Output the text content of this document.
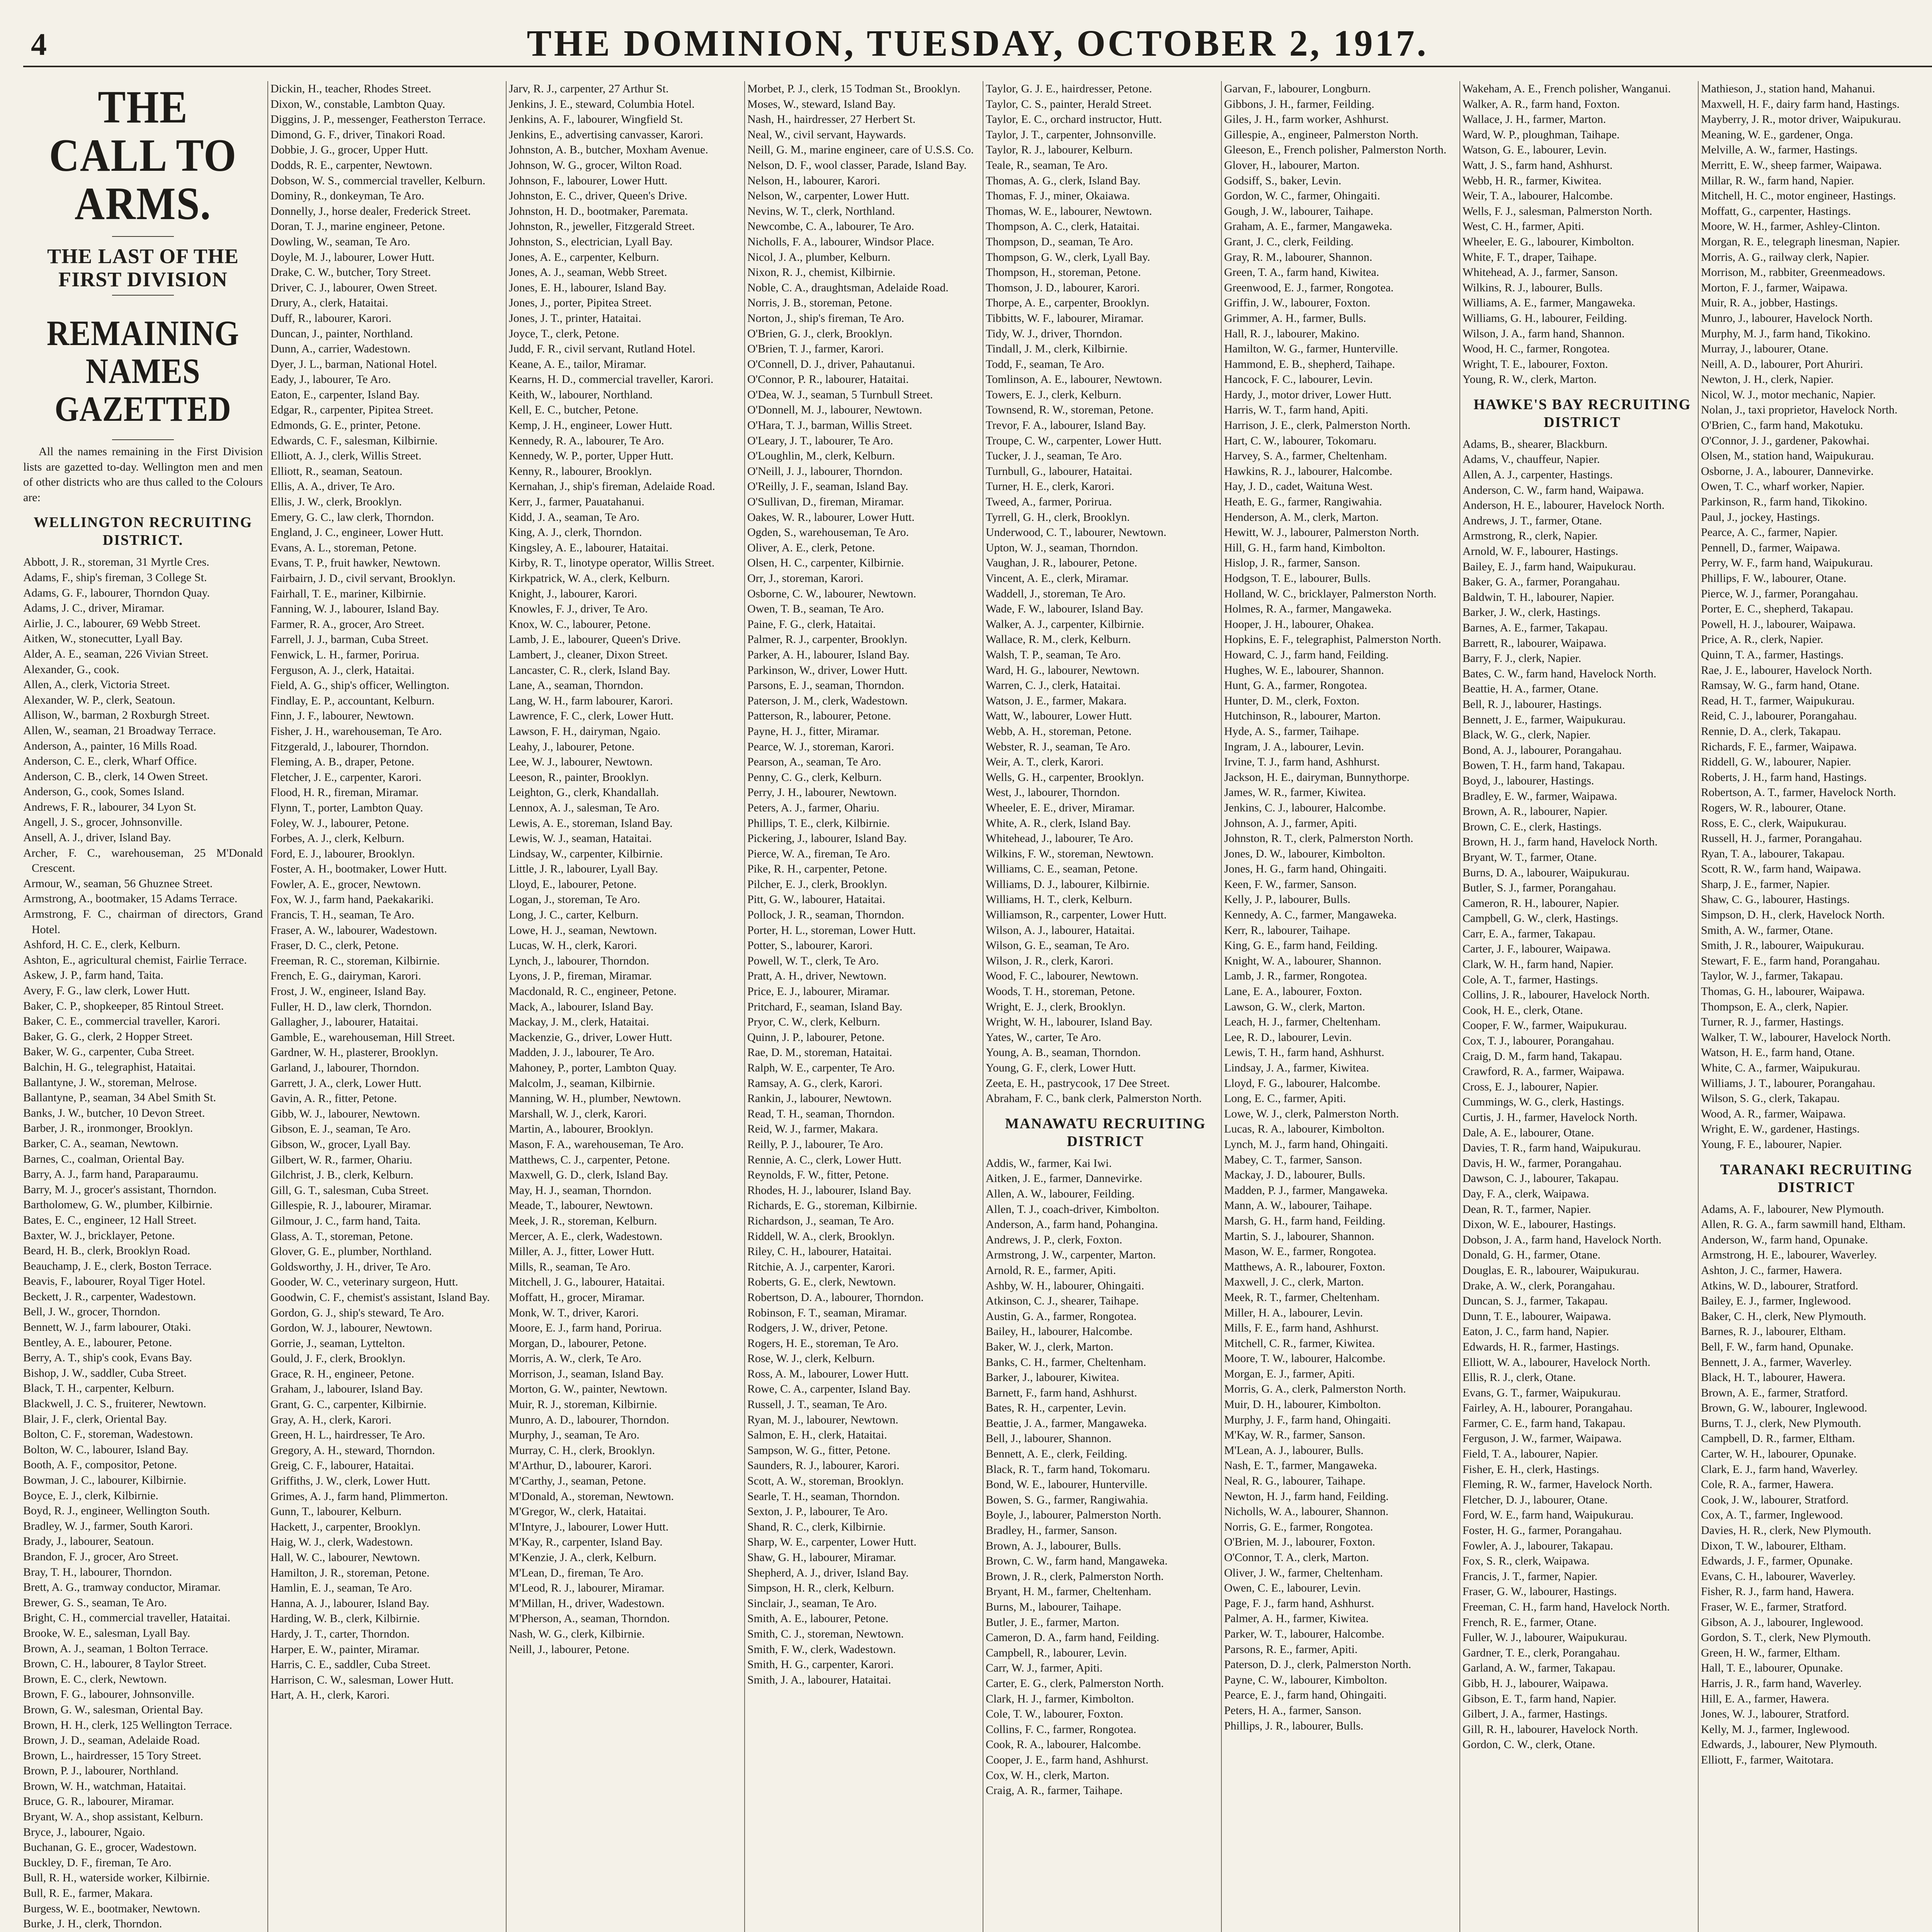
4	THE DOMINION, TUESDAY, OCTOBER 2, 1917.
THE CALL TO ARMS.
THE LAST OF THE FIRST DIVISION
REMAINING NAMES GAZETTED

All the names remaining in the First Division lists are gazetted to-day. Wellington men and men of other districts who are thus called to the Colours are:

WELLINGTON RECRUITING DISTRICT.
Abbott, J. R., storeman, 31 Myrtle Cres.
Adams, F., ship's fireman, 3 College St.
Adams, G. F., labourer, Thorndon Quay.
Adams, J. C., driver, Miramar.
Airlie, J. C., labourer, 69 Webb Street.
Aitken, W., stonecutter, Lyall Bay.
Alder, A. E., seaman, 226 Vivian Street.
Alexander, G., cook.
Allen, A., clerk, Victoria Street.
Alexander, W. P., clerk, Seatoun.
Allison, W., barman, 2 Roxburgh Street.
Allen, W., seaman, 21 Broadway Terrace.
Anderson, A., painter, 16 Mills Road.
Anderson, C. E., clerk, Wharf Office.
Anderson, C. B., clerk, 14 Owen Street.
Anderson, G., cook, Somes Island.
Andrews, F. R., labourer, 34 Lyon St.
Angell, J. S., grocer, Johnsonville.
Ansell, A. J., driver, Island Bay.
Archer, F. C., warehouseman, 25 M'Donald Crescent.
Armour, W., seaman, 56 Ghuznee Street.
Armstrong, A., bootmaker, 15 Adams Terrace.
Armstrong, F. C., chairman of directors, Grand Hotel.
Ashford, H. C. E., clerk, Kelburn.
Ashton, E., agricultural chemist, Fairlie Terrace.
Askew, J. P., farm hand, Taita.
Avery, F. G., law clerk, Lower Hutt.
Baker, C. P., shopkeeper, 85 Rintoul Street.
Baker, C. E., commercial traveller, Karori.
Baker, G. G., clerk, 2 Hopper Street.
Baker, W. G., carpenter, Cuba Street.
Balchin, H. G., telegraphist, Hataitai.
Ballantyne, J. W., storeman, Melrose.
Ballantyne, P., seaman, 34 Abel Smith St.
Banks, J. W., butcher, 10 Devon Street.
Barber, J. R., ironmonger, Brooklyn.
Barker, C. A., seaman, Newtown.
Barnes, C., coalman, Oriental Bay.
Barry, A. J., farm hand, Paraparaumu.
Barry, M. J., grocer's assistant, Thorndon.
Bartholomew, G. W., plumber, Kilbirnie.
Bates, E. C., engineer, 12 Hall Street.
Baxter, W. J., bricklayer, Petone.
Beard, H. B., clerk, Brooklyn Road.
Beauchamp, J. E., clerk, Boston Terrace.
Beavis, F., labourer, Royal Tiger Hotel.
Beckett, J. R., carpenter, Wadestown.
Bell, J. W., grocer, Thorndon.
Bennett, W. J., farm labourer, Otaki.
Bentley, A. E., labourer, Petone.
Berry, A. T., ship's cook, Evans Bay.
Bishop, J. W., saddler, Cuba Street.
Black, T. H., carpenter, Kelburn.
Blackwell, J. C. S., fruiterer, Newtown.
Blair, J. F., clerk, Oriental Bay.
Bolton, C. F., storeman, Wadestown.
Bolton, W. C., labourer, Island Bay.
Booth, A. F., compositor, Petone.
Bowman, J. C., labourer, Kilbirnie.
Boyce, E. J., clerk, Kilbirnie.
Boyd, R. J., engineer, Wellington South.
Bradley, W. J., farmer, South Karori.
Brady, J., labourer, Seatoun.
Brandon, F. J., grocer, Aro Street.
Bray, T. H., labourer, Thorndon.
Brett, A. G., tramway conductor, Miramar.
Brewer, G. S., seaman, Te Aro.
Bright, C. H., commercial traveller, Hataitai.
Brooke, W. E., salesman, Lyall Bay.
Brown, A. J., seaman, 1 Bolton Terrace.
Brown, C. H., labourer, 8 Taylor Street.
Brown, E. C., clerk, Newtown.
Brown, F. G., labourer, Johnsonville.
Brown, G. W., salesman, Oriental Bay.
Brown, H. H., clerk, 125 Wellington Terrace.
Brown, J. D., seaman, Adelaide Road.
Brown, L., hairdresser, 15 Tory Street.
Brown, P. J., labourer, Northland.
Brown, W. H., watchman, Hataitai.
Bruce, G. R., labourer, Miramar.
Bryant, W. A., shop assistant, Kelburn.
Bryce, J., labourer, Ngaio.
Buchanan, G. E., grocer, Wadestown.
Buckley, D. F., fireman, Te Aro.
Bull, R. H., waterside worker, Kilbirnie.
Bull, R. E., farmer, Makara.
Burgess, W. E., bootmaker, Newtown.
Burke, J. H., clerk, Thorndon.
Dickin, H., teacher, Rhodes Street.
Dixon, W., constable, Lambton Quay.
Diggins, J. P., messenger, Featherston Terrace.
Dimond, G. F., driver, Tinakori Road.
Dobbie, J. G., grocer, Upper Hutt.
Dodds, R. E., carpenter, Newtown.
Dobson, W. S., commercial traveller, Kelburn.
Dominy, R., donkeyman, Te Aro.
Donnelly, J., horse dealer, Frederick Street.
Doran, T. J., marine engineer, Petone.
Dowling, W., seaman, Te Aro.
Doyle, M. J., labourer, Lower Hutt.
Drake, C. W., butcher, Tory Street.
Driver, C. J., labourer, Owen Street.
Drury, A., clerk, Hataitai.
Duff, R., labourer, Karori.
Duncan, J., painter, Northland.
Dunn, A., carrier, Wadestown.
Dyer, J. L., barman, National Hotel.
Eady, J., labourer, Te Aro.
Eaton, E., carpenter, Island Bay.
Edgar, R., carpenter, Pipitea Street.
Edmonds, G. E., printer, Petone.
Edwards, C. F., salesman, Kilbirnie.
Elliott, A. J., clerk, Willis Street.
Elliott, R., seaman, Seatoun.
Ellis, A. A., driver, Te Aro.
Ellis, J. W., clerk, Brooklyn.
Emery, G. C., law clerk, Thorndon.
England, J. C., engineer, Lower Hutt.
Evans, A. L., storeman, Petone.
Evans, T. P., fruit hawker, Newtown.
Fairbairn, J. D., civil servant, Brooklyn.
Fairhall, T. E., mariner, Kilbirnie.
Fanning, W. J., labourer, Island Bay.
Farmer, R. A., grocer, Aro Street.
Farrell, J. J., barman, Cuba Street.
Fenwick, L. H., farmer, Porirua.
Ferguson, A. J., clerk, Hataitai.
Field, A. G., ship's officer, Wellington.
Findlay, E. P., accountant, Kelburn.
Finn, J. F., labourer, Newtown.
Fisher, J. H., warehouseman, Te Aro.
Fitzgerald, J., labourer, Thorndon.
Fleming, A. B., draper, Petone.
Fletcher, J. E., carpenter, Karori.
Flood, H. R., fireman, Miramar.
Flynn, T., porter, Lambton Quay.
Foley, W. J., labourer, Petone.
Forbes, A. J., clerk, Kelburn.
Ford, E. J., labourer, Brooklyn.
Foster, A. H., bootmaker, Lower Hutt.
Fowler, A. E., grocer, Newtown.
Fox, W. J., farm hand, Paekakariki.
Francis, T. H., seaman, Te Aro.
Fraser, A. W., labourer, Wadestown.
Fraser, D. C., clerk, Petone.
Freeman, R. C., storeman, Kilbirnie.
French, E. G., dairyman, Karori.
Frost, J. W., engineer, Island Bay.
Fuller, H. D., law clerk, Thorndon.
Gallagher, J., labourer, Hataitai.
Gamble, E., warehouseman, Hill Street.
Gardner, W. H., plasterer, Brooklyn.
Garland, J., labourer, Thorndon.
Garrett, J. A., clerk, Lower Hutt.
Gavin, A. R., fitter, Petone.
Gibb, W. J., labourer, Newtown.
Gibson, E. J., seaman, Te Aro.
Gibson, W., grocer, Lyall Bay.
Gilbert, W. R., farmer, Ohariu.
Gilchrist, J. B., clerk, Kelburn.
Gill, G. T., salesman, Cuba Street.
Gillespie, R. J., labourer, Miramar.
Gilmour, J. C., farm hand, Taita.
Glass, A. T., storeman, Petone.
Glover, G. E., plumber, Northland.
Goldsworthy, J. H., driver, Te Aro.
Gooder, W. C., veterinary surgeon, Hutt.
Goodwin, C. F., chemist's assistant, Island Bay.
Gordon, G. J., ship's steward, Te Aro.
Gordon, W. J., labourer, Newtown.
Gorrie, J., seaman, Lyttelton.
Gould, J. F., clerk, Brooklyn.
Grace, R. H., engineer, Petone.
Graham, J., labourer, Island Bay.
Grant, G. C., carpenter, Kilbirnie.
Gray, A. H., clerk, Karori.
Green, H. L., hairdresser, Te Aro.
Gregory, A. H., steward, Thorndon.
Greig, C. F., labourer, Hataitai.
Griffiths, J. W., clerk, Lower Hutt.
Grimes, A. J., farm hand, Plimmerton.
Gunn, T., labourer, Kelburn.
Hackett, J., carpenter, Brooklyn.
Haig, W. J., clerk, Wadestown.
Hall, W. C., labourer, Newtown.
Hamilton, J. R., storeman, Petone.
Hamlin, E. J., seaman, Te Aro.
Hanna, A. J., labourer, Island Bay.
Harding, W. B., clerk, Kilbirnie.
Hardy, J. T., carter, Thorndon.
Harper, E. W., painter, Miramar.
Harris, C. E., saddler, Cuba Street.
Harrison, C. W., salesman, Lower Hutt.
Hart, A. H., clerk, Karori.
Jarv, R. J., carpenter, 27 Arthur St.
Jenkins, J. E., steward, Columbia Hotel.
Jenkins, A. F., labourer, Wingfield St.
Jenkins, E., advertising canvasser, Karori.
Johnston, A. B., butcher, Moxham Avenue.
Johnson, W. G., grocer, Wilton Road.
Johnson, F., labourer, Lower Hutt.
Johnston, E. C., driver, Queen's Drive.
Johnston, H. D., bootmaker, Paremata.
Johnston, R., jeweller, Fitzgerald Street.
Johnston, S., electrician, Lyall Bay.
Jones, A. E., carpenter, Kelburn.
Jones, A. J., seaman, Webb Street.
Jones, E. H., labourer, Island Bay.
Jones, J., porter, Pipitea Street.
Jones, J. T., printer, Hataitai.
Joyce, T., clerk, Petone.
Judd, F. R., civil servant, Rutland Hotel.
Keane, A. E., tailor, Miramar.
Kearns, H. D., commercial traveller, Karori.
Keith, W., labourer, Northland.
Kell, E. C., butcher, Petone.
Kemp, J. H., engineer, Lower Hutt.
Kennedy, R. A., labourer, Te Aro.
Kennedy, W. P., porter, Upper Hutt.
Kenny, R., labourer, Brooklyn.
Kernahan, J., ship's fireman, Adelaide Road.
Kerr, J., farmer, Pauatahanui.
Kidd, J. A., seaman, Te Aro.
King, A. J., clerk, Thorndon.
Kingsley, A. E., labourer, Hataitai.
Kirby, R. T., linotype operator, Willis Street.
Kirkpatrick, W. A., clerk, Kelburn.
Knight, J., labourer, Karori.
Knowles, F. J., driver, Te Aro.
Knox, W. C., labourer, Petone.
Lamb, J. E., labourer, Queen's Drive.
Lambert, J., cleaner, Dixon Street.
Lancaster, C. R., clerk, Island Bay.
Lane, A., seaman, Thorndon.
Lang, W. H., farm labourer, Karori.
Lawrence, F. C., clerk, Lower Hutt.
Lawson, F. H., dairyman, Ngaio.
Leahy, J., labourer, Petone.
Lee, W. J., labourer, Newtown.
Leeson, R., painter, Brooklyn.
Leighton, G., clerk, Khandallah.
Lennox, A. J., salesman, Te Aro.
Lewis, A. E., storeman, Island Bay.
Lewis, W. J., seaman, Hataitai.
Lindsay, W., carpenter, Kilbirnie.
Little, J. R., labourer, Lyall Bay.
Lloyd, E., labourer, Petone.
Logan, J., storeman, Te Aro.
Long, J. C., carter, Kelburn.
Lowe, H. J., seaman, Newtown.
Lucas, W. H., clerk, Karori.
Lynch, J., labourer, Thorndon.
Lyons, J. P., fireman, Miramar.
Macdonald, R. C., engineer, Petone.
Mack, A., labourer, Island Bay.
Mackay, J. M., clerk, Hataitai.
Mackenzie, G., driver, Lower Hutt.
Madden, J. J., labourer, Te Aro.
Mahoney, P., porter, Lambton Quay.
Malcolm, J., seaman, Kilbirnie.
Manning, W. H., plumber, Newtown.
Marshall, W. J., clerk, Karori.
Martin, A., labourer, Brooklyn.
Mason, F. A., warehouseman, Te Aro.
Matthews, C. J., carpenter, Petone.
Maxwell, G. D., clerk, Island Bay.
May, H. J., seaman, Thorndon.
Meade, T., labourer, Newtown.
Meek, J. R., storeman, Kelburn.
Mercer, A. E., clerk, Wadestown.
Miller, A. J., fitter, Lower Hutt.
Mills, R., seaman, Te Aro.
Mitchell, J. G., labourer, Hataitai.
Moffatt, H., grocer, Miramar.
Monk, W. T., driver, Karori.
Moore, E. J., farm hand, Porirua.
Morgan, D., labourer, Petone.
Morris, A. W., clerk, Te Aro.
Morrison, J., seaman, Island Bay.
Morton, G. W., painter, Newtown.
Muir, R. J., storeman, Kilbirnie.
Munro, A. D., labourer, Thorndon.
Murphy, J., seaman, Te Aro.
Murray, C. H., clerk, Brooklyn.
M'Arthur, D., labourer, Karori.
M'Carthy, J., seaman, Petone.
M'Donald, A., storeman, Newtown.
M'Gregor, W., clerk, Hataitai.
M'Intyre, J., labourer, Lower Hutt.
M'Kay, R., carpenter, Island Bay.
M'Kenzie, J. A., clerk, Kelburn.
M'Lean, D., fireman, Te Aro.
M'Leod, R. J., labourer, Miramar.
M'Millan, H., driver, Wadestown.
M'Pherson, A., seaman, Thorndon.
Nash, W. G., clerk, Kilbirnie.
Neill, J., labourer, Petone.
Morbet, P. J., clerk, 15 Todman St., Brooklyn.
Moses, W., steward, Island Bay.
Nash, H., hairdresser, 27 Herbert St.
Neal, W., civil servant, Haywards.
Neill, G. M., marine engineer, care of U.S.S. Co.
Nelson, D. F., wool classer, Parade, Island Bay.
Nelson, H., labourer, Karori.
Nelson, W., carpenter, Lower Hutt.
Nevins, W. T., clerk, Northland.
Newcombe, C. A., labourer, Te Aro.
Nicholls, F. A., labourer, Windsor Place.
Nicol, J. A., plumber, Kelburn.
Nixon, R. J., chemist, Kilbirnie.
Noble, C. A., draughtsman, Adelaide Road.
Norris, J. B., storeman, Petone.
Norton, J., ship's fireman, Te Aro.
O'Brien, G. J., clerk, Brooklyn.
O'Brien, T. J., farmer, Karori.
O'Connell, D. J., driver, Pahautanui.
O'Connor, P. R., labourer, Hataitai.
O'Dea, W. J., seaman, 5 Turnbull Street.
O'Donnell, M. J., labourer, Newtown.
O'Hara, T. J., barman, Willis Street.
O'Leary, J. T., labourer, Te Aro.
O'Loughlin, M., clerk, Kelburn.
O'Neill, J. J., labourer, Thorndon.
O'Reilly, J. F., seaman, Island Bay.
O'Sullivan, D., fireman, Miramar.
Oakes, W. R., labourer, Lower Hutt.
Ogden, S., warehouseman, Te Aro.
Oliver, A. E., clerk, Petone.
Olsen, H. C., carpenter, Kilbirnie.
Orr, J., storeman, Karori.
Osborne, C. W., labourer, Newtown.
Owen, T. B., seaman, Te Aro.
Paine, F. G., clerk, Hataitai.
Palmer, R. J., carpenter, Brooklyn.
Parker, A. H., labourer, Island Bay.
Parkinson, W., driver, Lower Hutt.
Parsons, E. J., seaman, Thorndon.
Paterson, J. M., clerk, Wadestown.
Patterson, R., labourer, Petone.
Payne, H. J., fitter, Miramar.
Pearce, W. J., storeman, Karori.
Pearson, A., seaman, Te Aro.
Penny, C. G., clerk, Kelburn.
Perry, J. H., labourer, Newtown.
Peters, A. J., farmer, Ohariu.
Phillips, T. E., clerk, Kilbirnie.
Pickering, J., labourer, Island Bay.
Pierce, W. A., fireman, Te Aro.
Pike, R. H., carpenter, Petone.
Pilcher, E. J., clerk, Brooklyn.
Pitt, G. W., labourer, Hataitai.
Pollock, J. R., seaman, Thorndon.
Porter, H. L., storeman, Lower Hutt.
Potter, S., labourer, Karori.
Powell, W. T., clerk, Te Aro.
Pratt, A. H., driver, Newtown.
Price, E. J., labourer, Miramar.
Pritchard, F., seaman, Island Bay.
Pryor, C. W., clerk, Kelburn.
Quinn, J. P., labourer, Petone.
Rae, D. M., storeman, Hataitai.
Ralph, W. E., carpenter, Te Aro.
Ramsay, A. G., clerk, Karori.
Rankin, J., labourer, Newtown.
Read, T. H., seaman, Thorndon.
Reid, W. J., farmer, Makara.
Reilly, P. J., labourer, Te Aro.
Rennie, A. C., clerk, Lower Hutt.
Reynolds, F. W., fitter, Petone.
Rhodes, H. J., labourer, Island Bay.
Richards, E. G., storeman, Kilbirnie.
Richardson, J., seaman, Te Aro.
Riddell, W. A., clerk, Brooklyn.
Riley, C. H., labourer, Hataitai.
Ritchie, A. J., carpenter, Karori.
Roberts, G. E., clerk, Newtown.
Robertson, D. A., labourer, Thorndon.
Robinson, F. T., seaman, Miramar.
Rodgers, J. W., driver, Petone.
Rogers, H. E., storeman, Te Aro.
Rose, W. J., clerk, Kelburn.
Ross, A. M., labourer, Lower Hutt.
Rowe, C. A., carpenter, Island Bay.
Russell, J. T., seaman, Te Aro.
Ryan, M. J., labourer, Newtown.
Salmon, E. H., clerk, Hataitai.
Sampson, W. G., fitter, Petone.
Saunders, R. J., labourer, Karori.
Scott, A. W., storeman, Brooklyn.
Searle, T. H., seaman, Thorndon.
Sexton, J. P., labourer, Te Aro.
Shand, R. C., clerk, Kilbirnie.
Sharp, W. E., carpenter, Lower Hutt.
Shaw, G. H., labourer, Miramar.
Shepherd, A. J., driver, Island Bay.
Simpson, H. R., clerk, Kelburn.
Sinclair, J., seaman, Te Aro.
Smith, A. E., labourer, Petone.
Smith, C. J., storeman, Newtown.
Smith, F. W., clerk, Wadestown.
Smith, H. G., carpenter, Karori.
Smith, J. A., labourer, Hataitai.
Taylor, G. J. E., hairdresser, Petone.
Taylor, C. S., painter, Herald Street.
Taylor, E. C., orchard instructor, Hutt.
Taylor, J. T., carpenter, Johnsonville.
Taylor, R. J., labourer, Kelburn.
Teale, R., seaman, Te Aro.
Thomas, A. G., clerk, Island Bay.
Thomas, F. J., miner, Okaiawa.
Thomas, W. E., labourer, Newtown.
Thompson, A. C., clerk, Hataitai.
Thompson, D., seaman, Te Aro.
Thompson, G. W., clerk, Lyall Bay.
Thompson, H., storeman, Petone.
Thomson, J. D., labourer, Karori.
Thorpe, A. E., carpenter, Brooklyn.
Tibbitts, W. F., labourer, Miramar.
Tidy, W. J., driver, Thorndon.
Tindall, J. M., clerk, Kilbirnie.
Todd, F., seaman, Te Aro.
Tomlinson, A. E., labourer, Newtown.
Towers, E. J., clerk, Kelburn.
Townsend, R. W., storeman, Petone.
Trevor, F. A., labourer, Island Bay.
Troupe, C. W., carpenter, Lower Hutt.
Tucker, J. J., seaman, Te Aro.
Turnbull, G., labourer, Hataitai.
Turner, H. E., clerk, Karori.
Tweed, A., farmer, Porirua.
Tyrrell, G. H., clerk, Brooklyn.
Underwood, C. T., labourer, Newtown.
Upton, W. J., seaman, Thorndon.
Vaughan, J. R., labourer, Petone.
Vincent, A. E., clerk, Miramar.
Waddell, J., storeman, Te Aro.
Wade, F. W., labourer, Island Bay.
Walker, A. J., carpenter, Kilbirnie.
Wallace, R. M., clerk, Kelburn.
Walsh, T. P., seaman, Te Aro.
Ward, H. G., labourer, Newtown.
Warren, C. J., clerk, Hataitai.
Watson, J. E., farmer, Makara.
Watt, W., labourer, Lower Hutt.
Webb, A. H., storeman, Petone.
Webster, R. J., seaman, Te Aro.
Weir, A. T., clerk, Karori.
Wells, G. H., carpenter, Brooklyn.
West, J., labourer, Thorndon.
Wheeler, E. E., driver, Miramar.
White, A. R., clerk, Island Bay.
Whitehead, J., labourer, Te Aro.
Wilkins, F. W., storeman, Newtown.
Williams, C. E., seaman, Petone.
Williams, D. J., labourer, Kilbirnie.
Williams, H. T., clerk, Kelburn.
Williamson, R., carpenter, Lower Hutt.
Wilson, A. J., labourer, Hataitai.
Wilson, G. E., seaman, Te Aro.
Wilson, J. R., clerk, Karori.
Wood, F. C., labourer, Newtown.
Woods, T. H., storeman, Petone.
Wright, E. J., clerk, Brooklyn.
Wright, W. H., labourer, Island Bay.
Yates, W., carter, Te Aro.
Young, A. B., seaman, Thorndon.
Young, G. F., clerk, Lower Hutt.
Zeeta, E. H., pastrycook, 17 Dee Street.
Abraham, F. C., bank clerk, Palmerston North.
MANAWATU RECRUITING DISTRICT
Addis, W., farmer, Kai Iwi.
Aitken, J. E., farmer, Dannevirke.
Allen, A. W., labourer, Feilding.
Allen, T. J., coach-driver, Kimbolton.
Anderson, A., farm hand, Pohangina.
Andrews, J. P., clerk, Foxton.
Armstrong, J. W., carpenter, Marton.
Arnold, R. E., farmer, Apiti.
Ashby, W. H., labourer, Ohingaiti.
Atkinson, C. J., shearer, Taihape.
Austin, G. A., farmer, Rongotea.
Bailey, H., labourer, Halcombe.
Baker, W. J., clerk, Marton.
Banks, C. H., farmer, Cheltenham.
Barker, J., labourer, Kiwitea.
Barnett, F., farm hand, Ashhurst.
Bates, R. H., carpenter, Levin.
Beattie, J. A., farmer, Mangaweka.
Bell, J., labourer, Shannon.
Bennett, A. E., clerk, Feilding.
Black, R. T., farm hand, Tokomaru.
Bond, W. E., labourer, Hunterville.
Bowen, S. G., farmer, Rangiwahia.
Boyle, J., labourer, Palmerston North.
Bradley, H., farmer, Sanson.
Brown, A. J., labourer, Bulls.
Brown, C. W., farm hand, Mangaweka.
Brown, J. R., clerk, Palmerston North.
Bryant, H. M., farmer, Cheltenham.
Burns, M., labourer, Taihape.
Butler, J. E., farmer, Marton.
Cameron, D. A., farm hand, Feilding.
Campbell, R., labourer, Levin.
Carr, W. J., farmer, Apiti.
Carter, E. G., clerk, Palmerston North.
Clark, H. J., farmer, Kimbolton.
Cole, T. W., labourer, Foxton.
Collins, F. C., farmer, Rongotea.
Cook, R. A., labourer, Halcombe.
Cooper, J. E., farm hand, Ashhurst.
Cox, W. H., clerk, Marton.
Craig, A. R., farmer, Taihape.
Garvan, F., labourer, Longburn.
Gibbons, J. H., farmer, Feilding.
Giles, J. H., farm worker, Ashhurst.
Gillespie, A., engineer, Palmerston North.
Gleeson, E., French polisher, Palmerston North.
Glover, H., labourer, Marton.
Godsiff, S., baker, Levin.
Gordon, W. C., farmer, Ohingaiti.
Gough, J. W., labourer, Taihape.
Graham, A. E., farmer, Mangaweka.
Grant, J. C., clerk, Feilding.
Gray, R. M., labourer, Shannon.
Green, T. A., farm hand, Kiwitea.
Greenwood, E. J., farmer, Rongotea.
Griffin, J. W., labourer, Foxton.
Grimmer, A. H., farmer, Bulls.
Hall, R. J., labourer, Makino.
Hamilton, W. G., farmer, Hunterville.
Hammond, E. B., shepherd, Taihape.
Hancock, F. C., labourer, Levin.
Hardy, J., motor driver, Lower Hutt.
Harris, W. T., farm hand, Apiti.
Harrison, J. E., clerk, Palmerston North.
Hart, C. W., labourer, Tokomaru.
Harvey, S. A., farmer, Cheltenham.
Hawkins, R. J., labourer, Halcombe.
Hay, J. D., cadet, Waituna West.
Heath, E. G., farmer, Rangiwahia.
Henderson, A. M., clerk, Marton.
Hewitt, W. J., labourer, Palmerston North.
Hill, G. H., farm hand, Kimbolton.
Hislop, J. R., farmer, Sanson.
Hodgson, T. E., labourer, Bulls.
Holland, W. C., bricklayer, Palmerston North.
Holmes, R. A., farmer, Mangaweka.
Hooper, J. H., labourer, Ohakea.
Hopkins, E. F., telegraphist, Palmerston North.
Howard, C. J., farm hand, Feilding.
Hughes, W. E., labourer, Shannon.
Hunt, G. A., farmer, Rongotea.
Hunter, D. M., clerk, Foxton.
Hutchinson, R., labourer, Marton.
Hyde, A. S., farmer, Taihape.
Ingram, J. A., labourer, Levin.
Irvine, T. J., farm hand, Ashhurst.
Jackson, H. E., dairyman, Bunnythorpe.
James, W. R., farmer, Kiwitea.
Jenkins, C. J., labourer, Halcombe.
Johnson, A. J., farmer, Apiti.
Johnston, R. T., clerk, Palmerston North.
Jones, D. W., labourer, Kimbolton.
Jones, H. G., farm hand, Ohingaiti.
Keen, F. W., farmer, Sanson.
Kelly, J. P., labourer, Bulls.
Kennedy, A. C., farmer, Mangaweka.
Kerr, R., labourer, Taihape.
King, G. E., farm hand, Feilding.
Knight, W. A., labourer, Shannon.
Lamb, J. R., farmer, Rongotea.
Lane, E. A., labourer, Foxton.
Lawson, G. W., clerk, Marton.
Leach, H. J., farmer, Cheltenham.
Lee, R. D., labourer, Levin.
Lewis, T. H., farm hand, Ashhurst.
Lindsay, J. A., farmer, Kiwitea.
Lloyd, F. G., labourer, Halcombe.
Long, E. C., farmer, Apiti.
Lowe, W. J., clerk, Palmerston North.
Lucas, R. A., labourer, Kimbolton.
Lynch, M. J., farm hand, Ohingaiti.
Mabey, C. T., farmer, Sanson.
Mackay, J. D., labourer, Bulls.
Madden, P. J., farmer, Mangaweka.
Mann, A. W., labourer, Taihape.
Marsh, G. H., farm hand, Feilding.
Martin, S. J., labourer, Shannon.
Mason, W. E., farmer, Rongotea.
Matthews, A. R., labourer, Foxton.
Maxwell, J. C., clerk, Marton.
Meek, R. T., farmer, Cheltenham.
Miller, H. A., labourer, Levin.
Mills, F. E., farm hand, Ashhurst.
Mitchell, C. R., farmer, Kiwitea.
Moore, T. W., labourer, Halcombe.
Morgan, E. J., farmer, Apiti.
Morris, G. A., clerk, Palmerston North.
Muir, D. H., labourer, Kimbolton.
Murphy, J. F., farm hand, Ohingaiti.
M'Kay, W. R., farmer, Sanson.
M'Lean, A. J., labourer, Bulls.
Nash, E. T., farmer, Mangaweka.
Neal, R. G., labourer, Taihape.
Newton, H. J., farm hand, Feilding.
Nicholls, W. A., labourer, Shannon.
Norris, G. E., farmer, Rongotea.
O'Brien, M. J., labourer, Foxton.
O'Connor, T. A., clerk, Marton.
Oliver, J. W., farmer, Cheltenham.
Owen, C. E., labourer, Levin.
Page, F. J., farm hand, Ashhurst.
Palmer, A. H., farmer, Kiwitea.
Parker, W. T., labourer, Halcombe.
Parsons, R. E., farmer, Apiti.
Paterson, D. J., clerk, Palmerston North.
Payne, C. W., labourer, Kimbolton.
Pearce, E. J., farm hand, Ohingaiti.
Peters, H. A., farmer, Sanson.
Phillips, J. R., labourer, Bulls.
Wakeham, A. E., French polisher, Wanganui.
Walker, A. R., farm hand, Foxton.
Wallace, J. H., farmer, Marton.
Ward, W. P., ploughman, Taihape.
Watson, G. E., labourer, Levin.
Watt, J. S., farm hand, Ashhurst.
Webb, H. R., farmer, Kiwitea.
Weir, T. A., labourer, Halcombe.
Wells, F. J., salesman, Palmerston North.
West, C. H., farmer, Apiti.
Wheeler, E. G., labourer, Kimbolton.
White, F. T., draper, Taihape.
Whitehead, A. J., farmer, Sanson.
Wilkins, R. J., labourer, Bulls.
Williams, A. E., farmer, Mangaweka.
Williams, G. H., labourer, Feilding.
Wilson, J. A., farm hand, Shannon.
Wood, H. C., farmer, Rongotea.
Wright, T. E., labourer, Foxton.
Young, R. W., clerk, Marton.
HAWKE'S BAY RECRUITING DISTRICT
Adams, B., shearer, Blackburn.
Adams, V., chauffeur, Napier.
Allen, A. J., carpenter, Hastings.
Anderson, C. W., farm hand, Waipawa.
Anderson, H. E., labourer, Havelock North.
Andrews, J. T., farmer, Otane.
Armstrong, R., clerk, Napier.
Arnold, W. F., labourer, Hastings.
Bailey, E. J., farm hand, Waipukurau.
Baker, G. A., farmer, Porangahau.
Baldwin, T. H., labourer, Napier.
Barker, J. W., clerk, Hastings.
Barnes, A. E., farmer, Takapau.
Barrett, R., labourer, Waipawa.
Barry, F. J., clerk, Napier.
Bates, C. W., farm hand, Havelock North.
Beattie, H. A., farmer, Otane.
Bell, R. J., labourer, Hastings.
Bennett, J. E., farmer, Waipukurau.
Black, W. G., clerk, Napier.
Bond, A. J., labourer, Porangahau.
Bowen, T. H., farm hand, Takapau.
Boyd, J., labourer, Hastings.
Bradley, E. W., farmer, Waipawa.
Brown, A. R., labourer, Napier.
Brown, C. E., clerk, Hastings.
Brown, H. J., farm hand, Havelock North.
Bryant, W. T., farmer, Otane.
Burns, D. A., labourer, Waipukurau.
Butler, S. J., farmer, Porangahau.
Cameron, R. H., labourer, Napier.
Campbell, G. W., clerk, Hastings.
Carr, E. A., farmer, Takapau.
Carter, J. F., labourer, Waipawa.
Clark, W. H., farm hand, Napier.
Cole, A. T., farmer, Hastings.
Collins, J. R., labourer, Havelock North.
Cook, H. E., clerk, Otane.
Cooper, F. W., farmer, Waipukurau.
Cox, T. J., labourer, Porangahau.
Craig, D. M., farm hand, Takapau.
Crawford, R. A., farmer, Waipawa.
Cross, E. J., labourer, Napier.
Cummings, W. G., clerk, Hastings.
Curtis, J. H., farmer, Havelock North.
Dale, A. E., labourer, Otane.
Davies, T. R., farm hand, Waipukurau.
Davis, H. W., farmer, Porangahau.
Dawson, C. J., labourer, Takapau.
Day, F. A., clerk, Waipawa.
Dean, R. T., farmer, Napier.
Dixon, W. E., labourer, Hastings.
Dobson, J. A., farm hand, Havelock North.
Donald, G. H., farmer, Otane.
Douglas, E. R., labourer, Waipukurau.
Drake, A. W., clerk, Porangahau.
Duncan, S. J., farmer, Takapau.
Dunn, T. E., labourer, Waipawa.
Eaton, J. C., farm hand, Napier.
Edwards, H. R., farmer, Hastings.
Elliott, W. A., labourer, Havelock North.
Ellis, R. J., clerk, Otane.
Evans, G. T., farmer, Waipukurau.
Fairley, A. H., labourer, Porangahau.
Farmer, C. E., farm hand, Takapau.
Ferguson, J. W., farmer, Waipawa.
Field, T. A., labourer, Napier.
Fisher, E. H., clerk, Hastings.
Fleming, R. W., farmer, Havelock North.
Fletcher, D. J., labourer, Otane.
Ford, W. E., farm hand, Waipukurau.
Foster, H. G., farmer, Porangahau.
Fowler, A. J., labourer, Takapau.
Fox, S. R., clerk, Waipawa.
Francis, J. T., farmer, Napier.
Fraser, G. W., labourer, Hastings.
Freeman, C. H., farm hand, Havelock North.
French, R. E., farmer, Otane.
Fuller, W. J., labourer, Waipukurau.
Gardner, T. E., clerk, Porangahau.
Garland, A. W., farmer, Takapau.
Gibb, H. J., labourer, Waipawa.
Gibson, E. T., farm hand, Napier.
Gilbert, J. A., farmer, Hastings.
Gill, R. H., labourer, Havelock North.
Gordon, C. W., clerk, Otane.
Mathieson, J., station hand, Mahanui.
Maxwell, H. F., dairy farm hand, Hastings.
Mayberry, J. R., motor driver, Waipukurau.
Meaning, W. E., gardener, Onga.
Melville, A. W., farmer, Hastings.
Merritt, E. W., sheep farmer, Waipawa.
Millar, R. W., farm hand, Napier.
Mitchell, H. C., motor engineer, Hastings.
Moffatt, G., carpenter, Hastings.
Moore, W. H., farmer, Ashley-Clinton.
Morgan, R. E., telegraph linesman, Napier.
Morris, A. G., railway clerk, Napier.
Morrison, M., rabbiter, Greenmeadows.
Morton, F. J., farmer, Waipawa.
Muir, R. A., jobber, Hastings.
Munro, J., labourer, Havelock North.
Murphy, M. J., farm hand, Tikokino.
Murray, J., labourer, Otane.
Neill, A. D., labourer, Port Ahuriri.
Newton, J. H., clerk, Napier.
Nicol, W. J., motor mechanic, Napier.
Nolan, J., taxi proprietor, Havelock North.
O'Brien, C., farm hand, Makotuku.
O'Connor, J. J., gardener, Pakowhai.
Olsen, M., station hand, Waipukurau.
Osborne, J. A., labourer, Dannevirke.
Owen, T. C., wharf worker, Napier.
Parkinson, R., farm hand, Tikokino.
Paul, J., jockey, Hastings.
Pearce, A. C., farmer, Napier.
Pennell, D., farmer, Waipawa.
Perry, W. F., farm hand, Waipukurau.
Phillips, F. W., labourer, Otane.
Pierce, W. J., farmer, Porangahau.
Porter, E. C., shepherd, Takapau.
Powell, H. J., labourer, Waipawa.
Price, A. R., clerk, Napier.
Quinn, T. A., farmer, Hastings.
Rae, J. E., labourer, Havelock North.
Ramsay, W. G., farm hand, Otane.
Read, H. T., farmer, Waipukurau.
Reid, C. J., labourer, Porangahau.
Rennie, D. A., clerk, Takapau.
Richards, F. E., farmer, Waipawa.
Riddell, G. W., labourer, Napier.
Roberts, J. H., farm hand, Hastings.
Robertson, A. T., farmer, Havelock North.
Rogers, W. R., labourer, Otane.
Ross, E. C., clerk, Waipukurau.
Russell, H. J., farmer, Porangahau.
Ryan, T. A., labourer, Takapau.
Scott, R. W., farm hand, Waipawa.
Sharp, J. E., farmer, Napier.
Shaw, C. G., labourer, Hastings.
Simpson, D. H., clerk, Havelock North.
Smith, A. W., farmer, Otane.
Smith, J. R., labourer, Waipukurau.
Stewart, F. E., farm hand, Porangahau.
Taylor, W. J., farmer, Takapau.
Thomas, G. H., labourer, Waipawa.
Thompson, E. A., clerk, Napier.
Turner, R. J., farmer, Hastings.
Walker, T. W., labourer, Havelock North.
Watson, H. E., farm hand, Otane.
White, C. A., farmer, Waipukurau.
Williams, J. T., labourer, Porangahau.
Wilson, S. G., clerk, Takapau.
Wood, A. R., farmer, Waipawa.
Wright, E. W., gardener, Hastings.
Young, F. E., labourer, Napier.
TARANAKI RECRUITING DISTRICT
Adams, A. F., labourer, New Plymouth.
Allen, R. G. A., farm sawmill hand, Eltham.
Anderson, W., farm hand, Opunake.
Armstrong, H. E., labourer, Waverley.
Ashton, J. C., farmer, Hawera.
Atkins, W. D., labourer, Stratford.
Bailey, E. J., farmer, Inglewood.
Baker, C. H., clerk, New Plymouth.
Barnes, R. J., labourer, Eltham.
Bell, F. W., farm hand, Opunake.
Bennett, J. A., farmer, Waverley.
Black, H. T., labourer, Hawera.
Brown, A. E., farmer, Stratford.
Brown, G. W., labourer, Inglewood.
Burns, T. J., clerk, New Plymouth.
Campbell, D. R., farmer, Eltham.
Carter, W. H., labourer, Opunake.
Clark, E. J., farm hand, Waverley.
Cole, R. A., farmer, Hawera.
Cook, J. W., labourer, Stratford.
Cox, A. T., farmer, Inglewood.
Davies, H. R., clerk, New Plymouth.
Dixon, T. W., labourer, Eltham.
Edwards, J. F., farmer, Opunake.
Evans, C. H., labourer, Waverley.
Fisher, R. J., farm hand, Hawera.
Fraser, W. E., farmer, Stratford.
Gibson, A. J., labourer, Inglewood.
Gordon, S. T., clerk, New Plymouth.
Green, H. W., farmer, Eltham.
Hall, T. E., labourer, Opunake.
Harris, J. R., farm hand, Waverley.
Hill, E. A., farmer, Hawera.
Jones, W. J., labourer, Stratford.
Kelly, M. J., farmer, Inglewood.
Edwards, J., labourer, New Plymouth.
Elliott, F., farmer, Waitotara.
